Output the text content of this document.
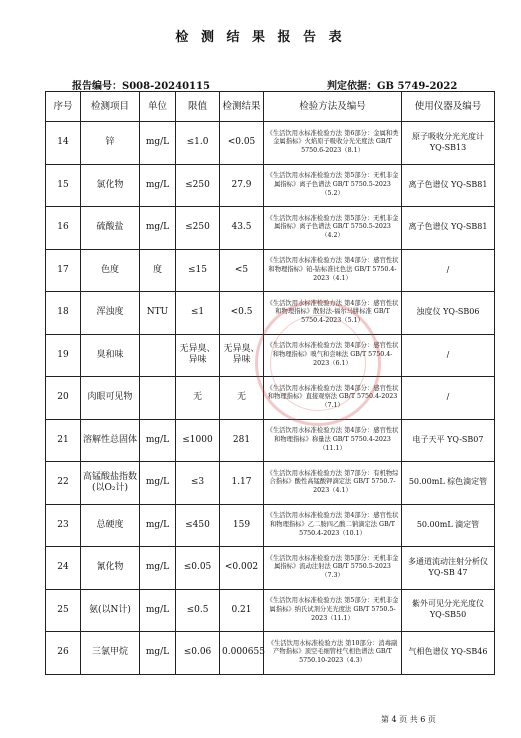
检 测 结 果 报 告 表
报告编号：S008-20240115	判定依据：GB 5749-2022
序号	检测项目	单位	限值	检测结果	检验方法及编号	使用仪器及编号
14	锌	mg/L	≤1.0	<0.05	《生活饮用水标准检验方法 第6部分：金属和类金属指标》火焰原子吸收分光光度法 GB/T 5750.6-2023（8.1）	原子吸收分光光度计 YQ-SB13
15	氯化物	mg/L	≤250	27.9	《生活饮用水标准检验方法 第5部分：无机非金属指标》离子色谱法 GB/T 5750.5-2023（5.2）	离子色谱仪 YQ-SB81
16	硫酸盐	mg/L	≤250	43.5	《生活饮用水标准检验方法 第5部分：无机非金属指标》离子色谱法 GB/T 5750.5-2023（4.2）	离子色谱仪 YQ-SB81
17	色度	度	≤15	<5	《生活饮用水标准检验方法 第4部分：感官性状和物理指标》铂-钴标准比色法 GB/T 5750.4-2023（4.1）	/
18	浑浊度	NTU	≤1	<0.5	《生活饮用水标准检验方法 第4部分：感官性状和物理指标》散射法-福尔马肼标准 GB/T 5750.4-2023（5.1）	浊度仪 YQ-SB06
19	臭和味		无异臭、异味	无异臭、异味	《生活饮用水标准检验方法 第4部分：感官性状和物理指标》嗅气和尝味法 GB/T 5750.4-2023（6.1）	/
20	肉眼可见物		无	无	《生活饮用水标准检验方法 第4部分：感官性状和物理指标》直接观察法 GB/T 5750.4-2023（7.1）	/
21	溶解性总固体	mg/L	≤1000	281	《生活饮用水标准检验方法 第4部分：感官性状和物理指标》称量法 GB/T 5750.4-2023（11.1）	电子天平 YQ-SB07
22	高锰酸盐指数(以O₂计)	mg/L	≤3	1.17	《生活饮用水标准检验方法 第7部分：有机物综合指标》酸性高锰酸钾滴定法 GB/T 5750.7-2023（4.1）	50.00mL 棕色滴定管
23	总硬度	mg/L	≤450	159	《生活饮用水标准检验方法 第4部分：感官性状和物理指标》乙二胺四乙酸二钠滴定法 GB/T 5750.4-2023（10.1）	50.00mL 滴定管
24	氰化物	mg/L	≤0.05	<0.002	《生活饮用水标准检验方法 第5部分：无机非金属指标》流动注射法 GB/T 5750.5-2023（7.3）	多通道流动注射分析仪 YQ-SB 47
25	氨(以N计)	mg/L	≤0.5	0.21	《生活饮用水标准检验方法 第5部分：无机非金属指标》纳氏试剂分光光度法 GB/T 5750.5-2023（11.1）	紫外可见分光光度仪 YQ-SB50
26	三氯甲烷	mg/L	≤0.06	0.000655	《生活饮用水标准检验方法 第10部分：消毒副产物指标》顶空毛细管柱气相色谱法 GB/T 5750.10-2023（4.3）	气相色谱仪 YQ-SB46
第 4 页 共 6 页
